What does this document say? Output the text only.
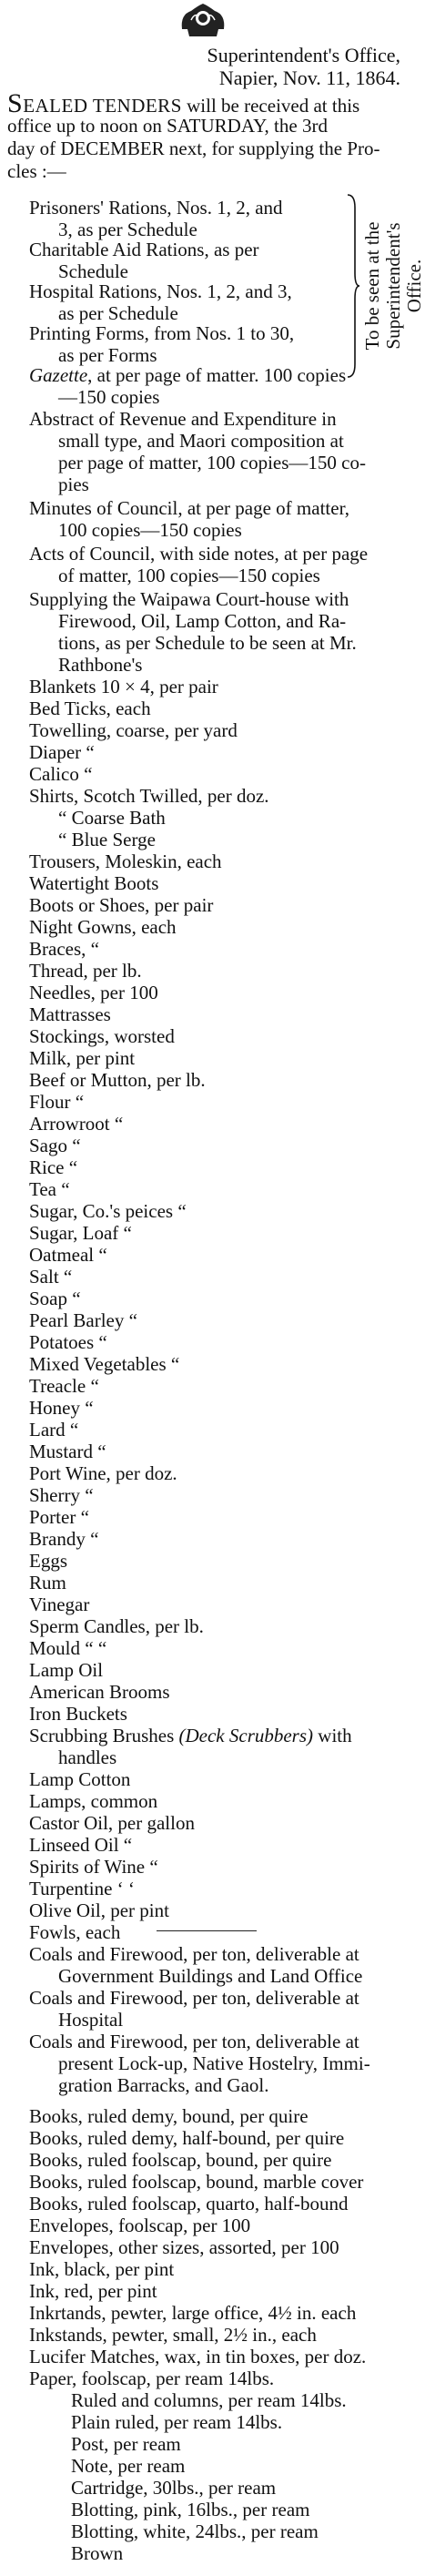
Superintendent's Office,
Napier, Nov. 11, 1864.
SEALED TENDERS will be received at this
office up to noon on SATURDAY, the 3rd
day of DECEMBER next, for supplying the Pro-
cles :—
To be seen at the Superintendent's Office.
Prisoners' Rations, Nos. 1, 2, and
3, as per Schedule
Charitable Aid Rations, as per
Schedule
Hospital Rations, Nos. 1, 2, and 3,
as per Schedule
Printing Forms, from Nos. 1 to 30,
as per Forms
Gazette, at per page of matter. 100 copies
—150 copies
Abstract of Revenue and Expenditure in
small type, and Maori composition at
per page of matter, 100 copies—150 co-
pies
Minutes of Council, at per page of matter,
100 copies—150 copies
Acts of Council, with side notes, at per page
of matter, 100 copies—150 copies
Supplying the Waipawa Court-house with
Firewood, Oil, Lamp Cotton, and Ra-
tions, as per Schedule to be seen at Mr.
Rathbone's
Blankets 10 × 4, per pair
Bed Ticks, each
Towelling, coarse, per yard
Diaper “
Calico “
Shirts, Scotch Twilled, per doz.
“ Coarse Bath
“ Blue Serge
Trousers, Moleskin, each
Watertight Boots
Boots or Shoes, per pair
Night Gowns, each
Braces, “
Thread, per lb.
Needles, per 100
Mattrasses
Stockings, worsted
Milk, per pint
Beef or Mutton, per lb.
Flour “
Arrowroot “
Sago “
Rice “
Tea “
Sugar, Co.'s peices “
Sugar, Loaf “
Oatmeal “
Salt “
Soap “
Pearl Barley “
Potatoes “
Mixed Vegetables “
Treacle “
Honey “
Lard “
Mustard “
Port Wine, per doz.
Sherry “
Porter “
Brandy “
Eggs
Rum
Vinegar
Sperm Candles, per lb.
Mould “ “
Lamp Oil
American Brooms
Iron Buckets
Scrubbing Brushes (Deck Scrubbers) with
handles
Lamp Cotton
Lamps, common
Castor Oil, per gallon
Linseed Oil “
Spirits of Wine “
Turpentine ‘ ‘
Olive Oil, per pint
Fowls, each
Coals and Firewood, per ton, deliverable at
Government Buildings and Land Office
Coals and Firewood, per ton, deliverable at
Hospital
Coals and Firewood, per ton, deliverable at
present Lock-up, Native Hostelry, Immi-
gration Barracks, and Gaol.
Books, ruled demy, bound, per quire
Books, ruled demy, half-bound, per quire
Books, ruled foolscap, bound, per quire
Books, ruled foolscap, bound, marble cover
Books, ruled foolscap, quarto, half-bound
Envelopes, foolscap, per 100
Envelopes, other sizes, assorted, per 100
Ink, black, per pint
Ink, red, per pint
Inkrtands, pewter, large office, 4½ in. each
Inkstands, pewter, small, 2½ in., each
Lucifer Matches, wax, in tin boxes, per doz.
Paper, foolscap, per ream 14lbs.
Ruled and columns, per ream 14lbs.
Plain ruled, per ream 14lbs.
Post, per ream
Note, per ream
Cartridge, 30lbs., per ream
Blotting, pink, 16lbs., per ream
Blotting, white, 24lbs., per ream
Brown
